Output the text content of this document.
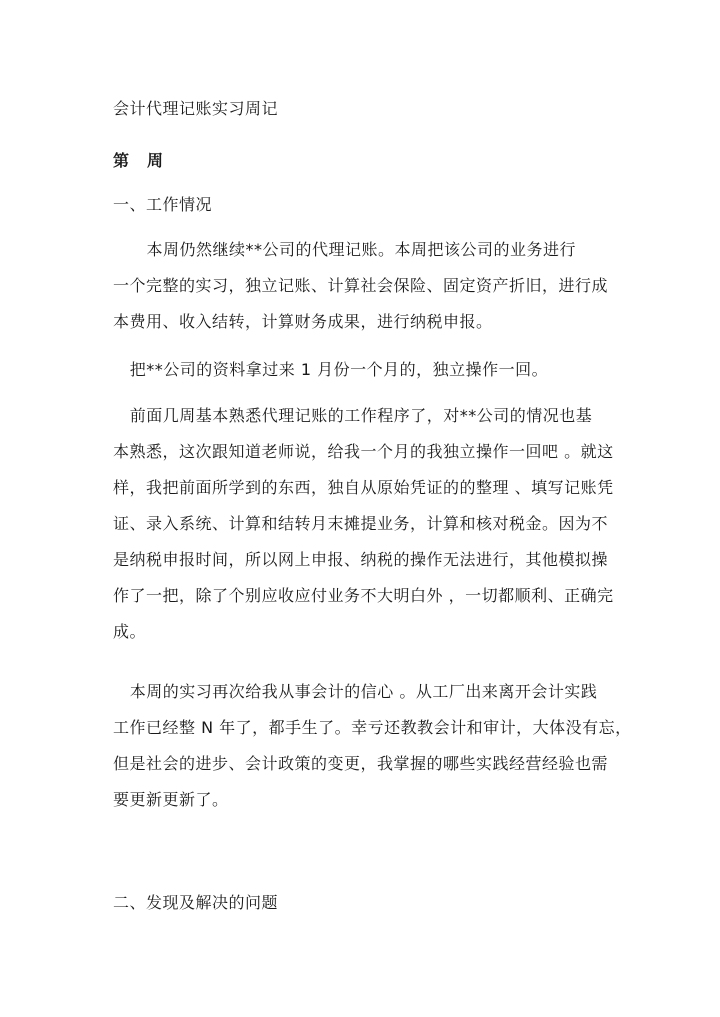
会计代理记账实习周记
第 周
一、工作情况
本周仍然继续**公司的代理记账。本周把该公司的业务进行
一个完整的实习，独立记账、计算社会保险、固定资产折旧，进行成
本费用、收入结转，计算财务成果，进行纳税申报。
把**公司的资料拿过来 1 月份一个月的，独立操作一回。
前面几周基本熟悉代理记账的工作程序了，对**公司的情况也基
本熟悉，这次跟知道老师说，给我一个月的我独立操作一回吧 。就这
样，我把前面所学到的东西，独自从原始凭证的的整理 、填写记账凭
证、录入系统、计算和结转月末摊提业务，计算和核对税金。因为不
是纳税申报时间，所以网上申报、纳税的操作无法进行，其他模拟操
作了一把，除了个别应收应付业务不大明白外 ，一切都顺利、正确完
成。
本周的实习再次给我从事会计的信心 。从工厂出来离开会计实践
工作已经整 N 年了，都手生了。幸亏还教教会计和审计，大体没有忘，
但是社会的进步、会计政策的变更，我掌握的哪些实践经营经验也需
要更新更新了。
二、发现及解决的问题
